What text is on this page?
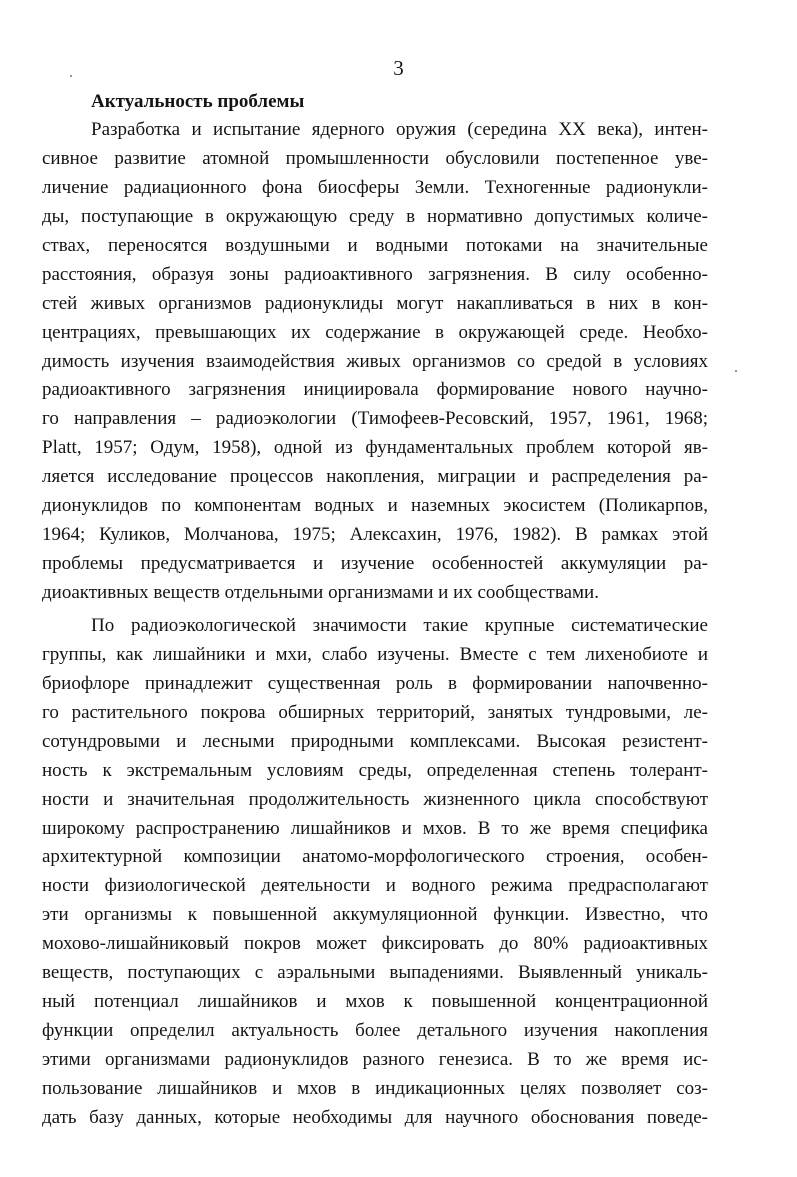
3
Актуальность проблемы
Разработка и испытание ядерного оружия (середина XX века), интен-
сивное развитие атомной промышленности обусловили постепенное уве-
личение радиационного фона биосферы Земли. Техногенные радионукли-
ды, поступающие в окружающую среду в нормативно допустимых количе-
ствах, переносятся воздушными и водными потоками на значительные
расстояния, образуя зоны радиоактивного загрязнения. В силу особенно-
стей живых организмов радионуклиды могут накапливаться в них в кон-
центрациях, превышающих их содержание в окружающей среде. Необхо-
димость изучения взаимодействия живых организмов со средой в условиях
радиоактивного загрязнения инициировала формирование нового научно-
го направления – радиоэкологии (Тимофеев-Ресовский, 1957, 1961, 1968;
Platt, 1957; Одум, 1958), одной из фундаментальных проблем которой яв-
ляется исследование процессов накопления, миграции и распределения ра-
дионуклидов по компонентам водных и наземных экосистем (Поликарпов,
1964; Куликов, Молчанова, 1975; Алексахин, 1976, 1982). В рамках этой
проблемы предусматривается и изучение особенностей аккумуляции ра-
диоактивных веществ отдельными организмами и их сообществами.
По радиоэкологической значимости такие крупные систематические
группы, как лишайники и мхи, слабо изучены. Вместе с тем лихенобиоте и
бриофлоре принадлежит существенная роль в формировании напочвенно-
го растительного покрова обширных территорий, занятых тундровыми, ле-
сотундровыми и лесными природными комплексами. Высокая резистент-
ность к экстремальным условиям среды, определенная степень толерант-
ности и значительная продолжительность жизненного цикла способствуют
широкому распространению лишайников и мхов. В то же время специфика
архитектурной композиции анатомо-морфологического строения, особен-
ности физиологической деятельности и водного режима предрасполагают
эти организмы к повышенной аккумуляционной функции. Известно, что
мохово-лишайниковый покров может фиксировать до 80% радиоактивных
веществ, поступающих с аэральными выпадениями. Выявленный уникаль-
ный потенциал лишайников и мхов к повышенной концентрационной
функции определил актуальность более детального изучения накопления
этими организмами радионуклидов разного генезиса. В то же время ис-
пользование лишайников и мхов в индикационных целях позволяет соз-
дать базу данных, которые необходимы для научного обоснования поведе-
